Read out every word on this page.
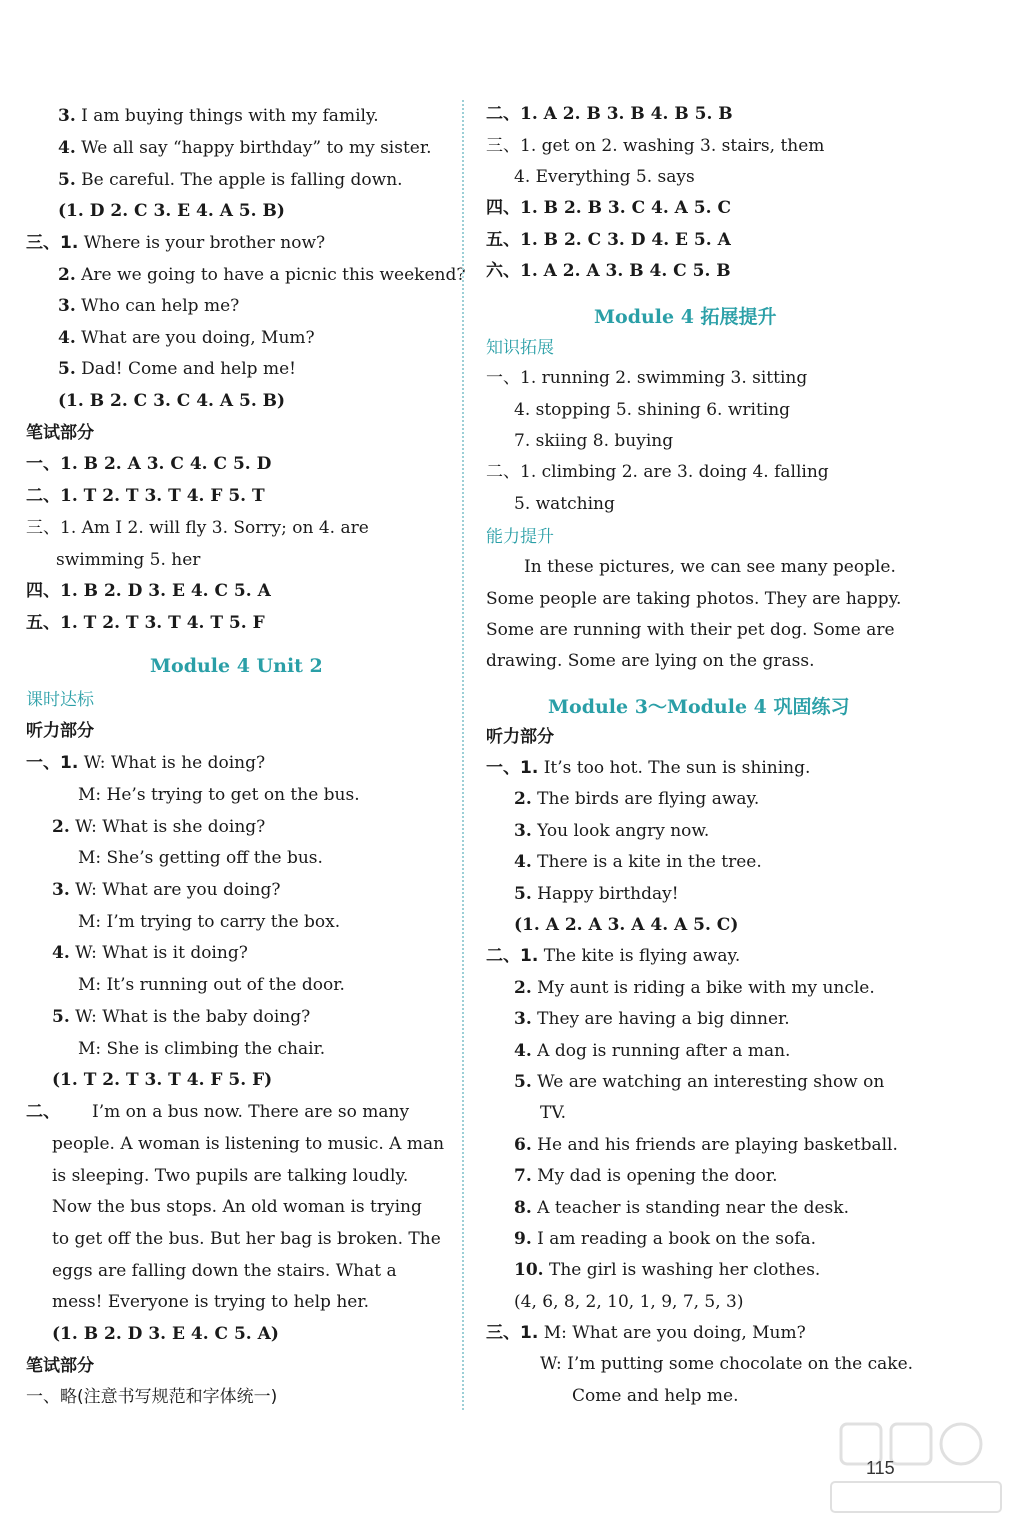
3. I am buying things with my family.
4. We all say “happy birthday” to my sister.
5. Be careful. The apple is falling down.
(1. D 2. C 3. E 4. A 5. B)
三、1. Where is your brother now?
2. Are we going to have a picnic this weekend?
3. Who can help me?
4. What are you doing, Mum?
5. Dad! Come and help me!
(1. B 2. C 3. C 4. A 5. B)
笔试部分
一、1. B 2. A 3. C 4. C 5. D
二、1. T 2. T 3. T 4. F 5. T
三、1. Am I 2. will fly 3. Sorry; on 4. are
swimming 5. her
四、1. B 2. D 3. E 4. C 5. A
五、1. T 2. T 3. T 4. T 5. F
Module 4 Unit 2
课时达标
听力部分
一、1. W: What is he doing?
M: He’s trying to get on the bus.
2. W: What is she doing?
M: She’s getting off the bus.
3. W: What are you doing?
M: I’m trying to carry the box.
4. W: What is it doing?
M: It’s running out of the door.
5. W: What is the baby doing?
M: She is climbing the chair.
(1. T 2. T 3. T 4. F 5. F)
二、 I’m on a bus now. There are so many
people. A woman is listening to music. A man
is sleeping. Two pupils are talking loudly.
Now the bus stops. An old woman is trying
to get off the bus. But her bag is broken. The
eggs are falling down the stairs. What a
mess! Everyone is trying to help her.
(1. B 2. D 3. E 4. C 5. A)
笔试部分
一、略(注意书写规范和字体统一)
二、1. A 2. B 3. B 4. B 5. B
三、1. get on 2. washing 3. stairs, them
4. Everything 5. says
四、1. B 2. B 3. C 4. A 5. C
五、1. B 2. C 3. D 4. E 5. A
六、1. A 2. A 3. B 4. C 5. B
Module 4 拓展提升
知识拓展
一、1. running 2. swimming 3. sitting
4. stopping 5. shining 6. writing
7. skiing 8. buying
二、1. climbing 2. are 3. doing 4. falling
5. watching
能力提升
In these pictures, we can see many people.
Some people are taking photos. They are happy.
Some are running with their pet dog. Some are
drawing. Some are lying on the grass.
Module 3～Module 4 巩固练习
听力部分
一、1. It’s too hot. The sun is shining.
2. The birds are flying away.
3. You look angry now.
4. There is a kite in the tree.
5. Happy birthday!
(1. A 2. A 3. A 4. A 5. C)
二、1. The kite is flying away.
2. My aunt is riding a bike with my uncle.
3. They are having a big dinner.
4. A dog is running after a man.
5. We are watching an interesting show on
TV.
6. He and his friends are playing basketball.
7. My dad is opening the door.
8. A teacher is standing near the desk.
9. I am reading a book on the sofa.
10. The girl is washing her clothes.
(4, 6, 8, 2, 10, 1, 9, 7, 5, 3)
三、1. M: What are you doing, Mum?
W: I’m putting some chocolate on the cake.
Come and help me.
115
